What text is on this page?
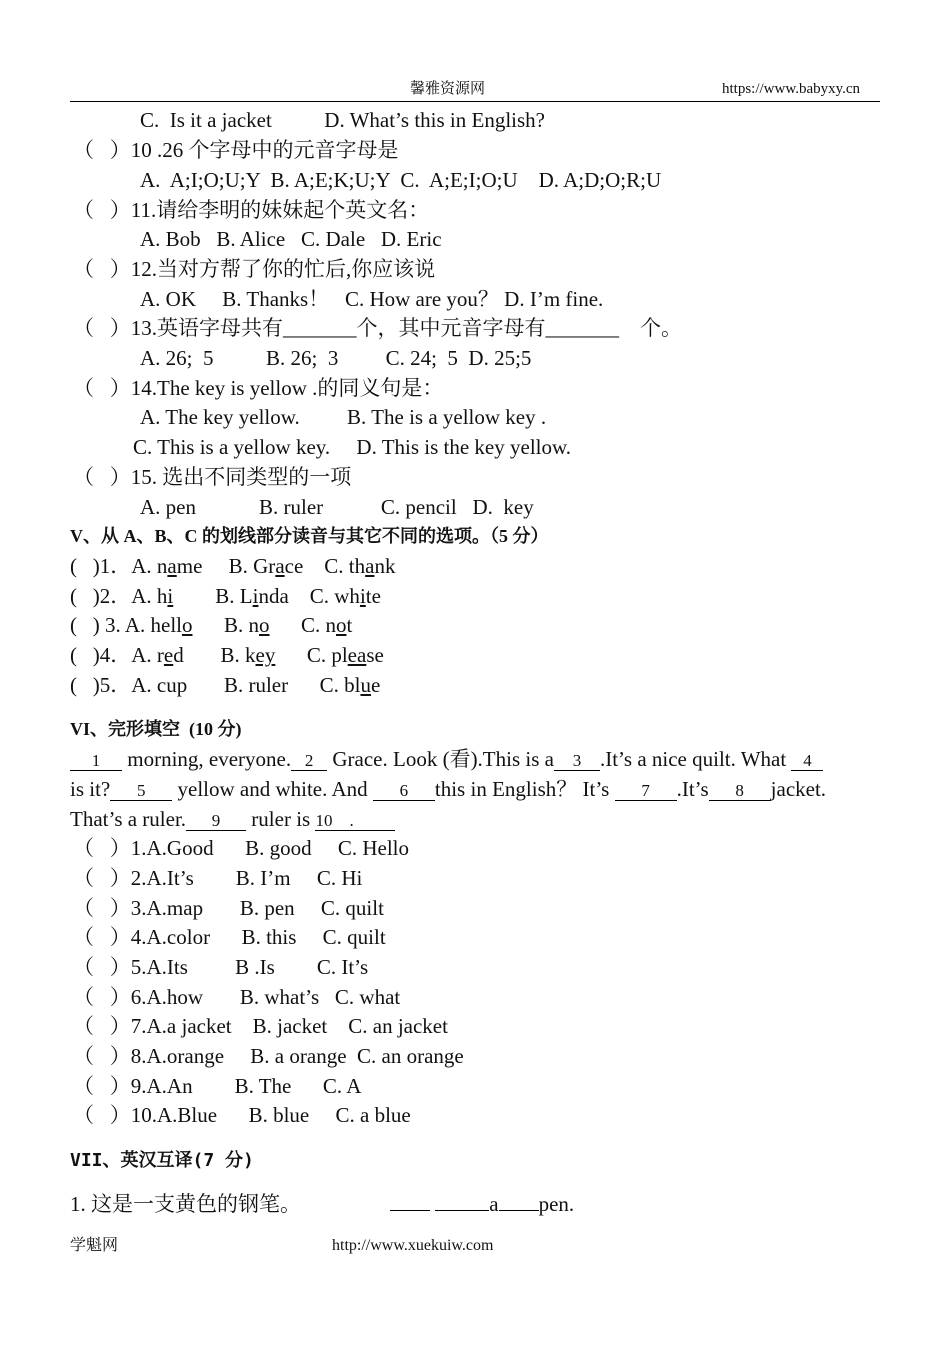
馨雅资源网	https://www.babyxy.cn
C.  Is it a jacket          D. What’s this in English?
（   ）10 .26 个字母中的元音字母是
A.  A;I;O;U;Y  B. A;E;K;U;Y  C.  A;E;I;O;U    D. A;D;O;R;U
（   ）11.请给李明的妹妹起个英文名：
A. Bob   B. Alice   C. Dale   D. Eric
（   ）12.当对方帮了你的忙后,你应该说
A. OK     B. Thanks！   C. How are you？ D. I’m fine.
（   ）13.英语字母共有_______个，其中元音字母有_______    个。
A. 26;  5          B. 26;  3         C. 24;  5  D. 25;5
（   ）14.The key is yellow .的同义句是：
A. The key yellow.         B. The is a yellow key .
C. This is a yellow key.     D. This is the key yellow.
（   ）15. 选出不同类型的一项
A. pen            B. ruler           C. pencil   D.  key
V、从 A、B、C 的划线部分读音与其它不同的选项。（5 分）
(   )1．A. name     B. Grace    C. thank
(   )2．A. hi        B. Linda    C. white
(   ) 3. A. hello      B. no      C. not
(   )4．A. red       B. key      C. please
(   )5．A. cup       B. ruler      C. blue
VI、完形填空  (10 分)
1 morning, everyone. 2 Grace. Look (看).This is a 3 .It’s a nice quilt. What 4
is it? 5 yellow and white. And 6 this in English？ It’s 7 .It’s 8 jacket.
That’s a ruler. 9 ruler is 10    .
（   ）1.A.Good      B. good     C. Hello
（   ）2.A.It’s        B. I’m     C. Hi
（   ）3.A.map       B. pen     C. quilt
（   ）4.A.color      B. this     C. quilt
（   ）5.A.Its         B .Is        C. It’s
（   ）6.A.how       B. what’s   C. what
（   ）7.A.a jacket    B. jacket    C. an jacket
（   ）8.A.orange     B. a orange  C. an orange
（   ）9.A.An        B. The      C. A
（   ）10.A.Blue      B. blue     C. a blue
VII、英汉互译(7 分)
1. 这是一支黄色的钢笔。	a pen.
学魁网	http://www.xuekuiw.com
